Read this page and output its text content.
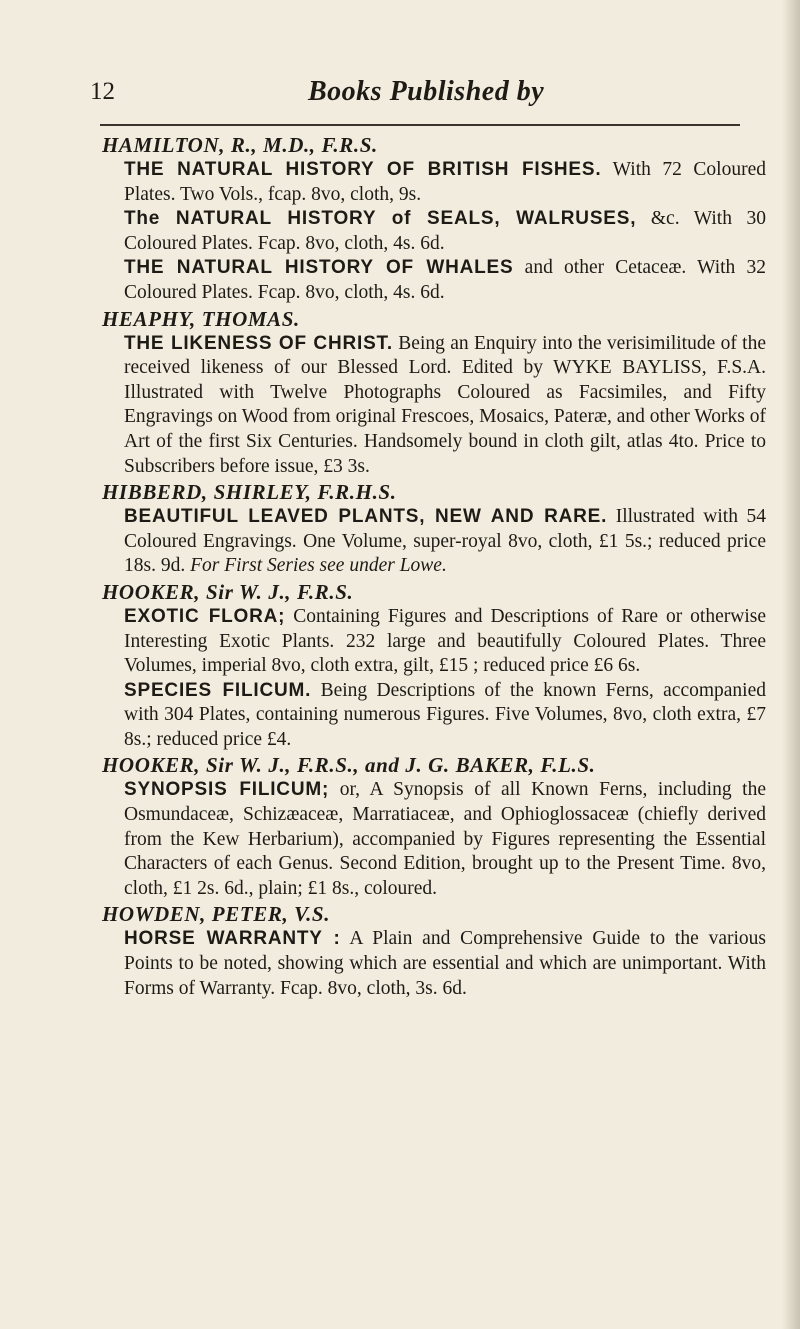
12	Books Published by

HAMILTON, R., M.D., F.R.S.

THE NATURAL HISTORY OF BRITISH FISHES. With 72 Coloured Plates. Two Vols., fcap. 8vo, cloth, 9s.

The NATURAL HISTORY of SEALS, WALRUSES, &c. With 30 Coloured Plates. Fcap. 8vo, cloth, 4s. 6d.

THE NATURAL HISTORY OF WHALES and other Cetaceæ. With 32 Coloured Plates. Fcap. 8vo, cloth, 4s. 6d.

HEAPHY, THOMAS.

THE LIKENESS OF CHRIST. Being an Enquiry into the verisimilitude of the received likeness of our Blessed Lord. Edited by WYKE BAYLISS, F.S.A. Illustrated with Twelve Photographs Coloured as Facsimiles, and Fifty Engravings on Wood from original Frescoes, Mosaics, Pateræ, and other Works of Art of the first Six Centuries. Handsomely bound in cloth gilt, atlas 4to. Price to Subscribers before issue, £3 3s.

HIBBERD, SHIRLEY, F.R.H.S.

BEAUTIFUL LEAVED PLANTS, NEW AND RARE. Illustrated with 54 Coloured Engravings. One Volume, super-royal 8vo, cloth, £1 5s.; reduced price 18s. 9d. For First Series see under Lowe.

HOOKER, Sir W. J., F.R.S.

EXOTIC FLORA; Containing Figures and Descriptions of Rare or otherwise Interesting Exotic Plants. 232 large and beautifully Coloured Plates. Three Volumes, imperial 8vo, cloth extra, gilt, £15 ; reduced price £6 6s.

SPECIES FILICUM. Being Descriptions of the known Ferns, accompanied with 304 Plates, containing numerous Figures. Five Volumes, 8vo, cloth extra, £7 8s.; reduced price £4.

HOOKER, Sir W. J., F.R.S., and J. G. BAKER, F.L.S.

SYNOPSIS FILICUM; or, A Synopsis of all Known Ferns, including the Osmundaceæ, Schizæaceæ, Marratiaceæ, and Ophioglossaceæ (chiefly derived from the Kew Herbarium), accompanied by Figures representing the Essential Characters of each Genus. Second Edition, brought up to the Present Time. 8vo, cloth, £1 2s. 6d., plain; £1 8s., coloured.

HOWDEN, PETER, V.S.

HORSE WARRANTY : A Plain and Comprehensive Guide to the various Points to be noted, showing which are essential and which are unimportant. With Forms of Warranty. Fcap. 8vo, cloth, 3s. 6d.
